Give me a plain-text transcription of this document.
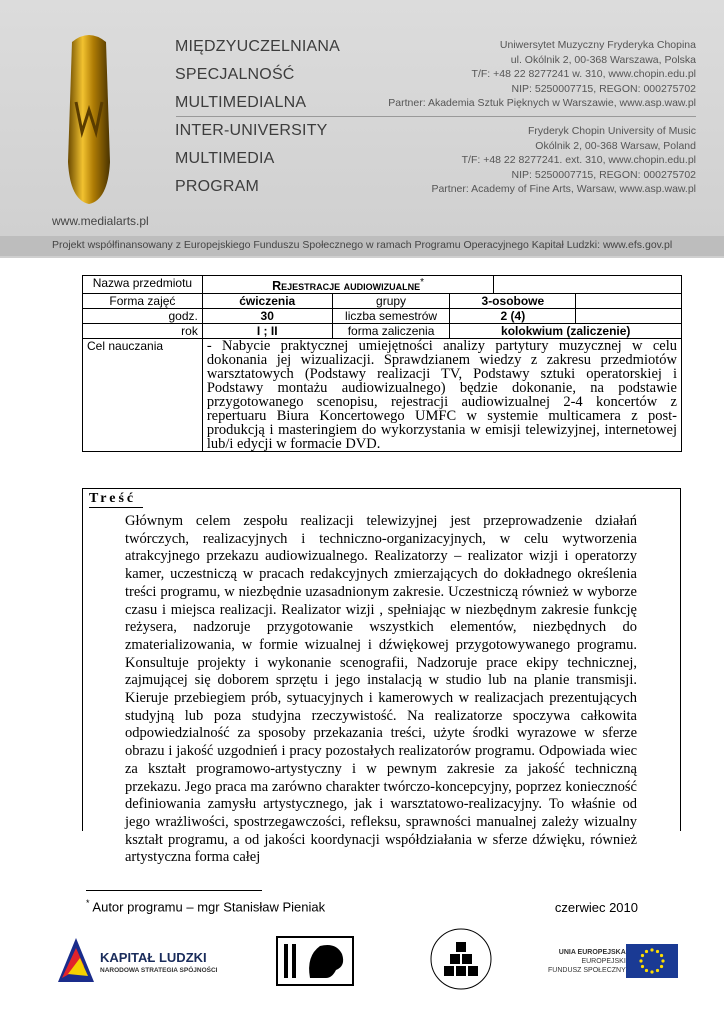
www.medialarts.pl
MIĘDZYUCZELNIANA
SPECJALNOŚĆ
MULTIMEDIALNA
INTER-UNIVERSITY
MULTIMEDIA
PROGRAM
Uniwersytet Muzyczny Fryderyka Chopina
ul. Okólnik 2, 00-368 Warszawa, Polska
T/F: +48 22 8277241 w. 310, www.chopin.edu.pl
NIP: 5250007715, REGON: 000275702
Partner: Akademia Sztuk Pięknych w Warszawie, www.asp.waw.pl
Fryderyk Chopin University of Music
Okólnik 2, 00-368 Warsaw, Poland
T/F: +48 22 8277241. ext. 310, www.chopin.edu.pl
NIP: 5250007715, REGON: 000275702
Partner: Academy of Fine Arts, Warsaw, www.asp.waw.pl
Projekt współfinansowany z Europejskiego Funduszu Społecznego w ramach Programu Operacyjnego Kapitał Ludzki: www.efs.gov.pl
Nazwa przedmiotu	Rejestracje audiowizualne*	
Forma zajęć	ćwiczenia	grupy	3-osobowe		
godz.	30	liczba semestrów	2 (4)		
rok	I ; II	forma zaliczenia	kolokwium (zaliczenie)		
Cel nauczania	- Nabycie praktycznej umiejętności analizy partytury muzycznej w celu dokonania jej wizualizacji. Sprawdzianem wiedzy z zakresu przedmiotów warsztatowych (Podstawy realizacji TV, Podstawy sztuki operatorskiej i Podstawy montażu audiowizualnego) będzie dokonanie, na podstawie przygotowanego scenopisu, rejestracji audiowizualnej 2-4 koncertów z repertuaru Biura Koncertowego UMFC w systemie multicamera z post-produkcją i masteringiem do wykorzystania w emisji telewizyjnej, internetowej lub/i edycji w formacie DVD.				
Treść
Głównym celem zespołu realizacji telewizyjnej jest przeprowadzenie działań twórczych, realizacyjnych i techniczno-organizacyjnych, w celu wytworzenia atrakcyjnego przekazu audiowizualnego. Realizatorzy – realizator wizji i operatorzy kamer, uczestniczą w pracach redakcyjnych zmierzających do dokładnego określenia treści programu, w niezbędnie uzasadnionym zakresie. Uczestniczą również w wyborze czasu i miejsca realizacji. Realizator wizji , spełniając w niezbędnym zakresie funkcję reżysera, nadzoruje przygotowanie wszystkich elementów, niezbędnych do zmaterializowania, w formie wizualnej i dźwiękowej przygotowywanego programu. Konsultuje projekty i wykonanie scenografii, Nadzoruje prace ekipy technicznej, zajmującej się doborem sprzętu i jego instalacją w studio lub na planie transmisji. Kieruje przebiegiem prób, sytuacyjnych i kamerowych w realizacjach prezentujących studyjną lub poza studyjna rzeczywistość. Na realizatorze spoczywa całkowita odpowiedzialność za sposoby przekazania treści, użyte środki wyrazowe w sferze obrazu i jakość uzgodnień i pracy pozostałych realizatorów programu. Odpowiada wiec za kształt programowo-artystyczny i w pewnym zakresie za jakość techniczną przekazu. Jego praca ma zarówno charakter twórczo-koncepcyjny, poprzez konieczność definiowania zamysłu artystycznego, jak i warsztatowo-realizacyjny. To właśnie od jego wrażliwości, spostrzegawczości, refleksu, sprawności manualnej zależy wizualny kształt programu, a od jakości koordynacji współdziałania w sferze dźwięku, również artystyczna forma całej
* Autor programu – mgr Stanisław Pieniak	czerwiec 2010
KAPITAŁ LUDZKI
NARODOWA STRATEGIA SPÓJNOŚCI
UNIA EUROPEJSKA
EUROPEJSKI
FUNDUSZ SPOŁECZNY
